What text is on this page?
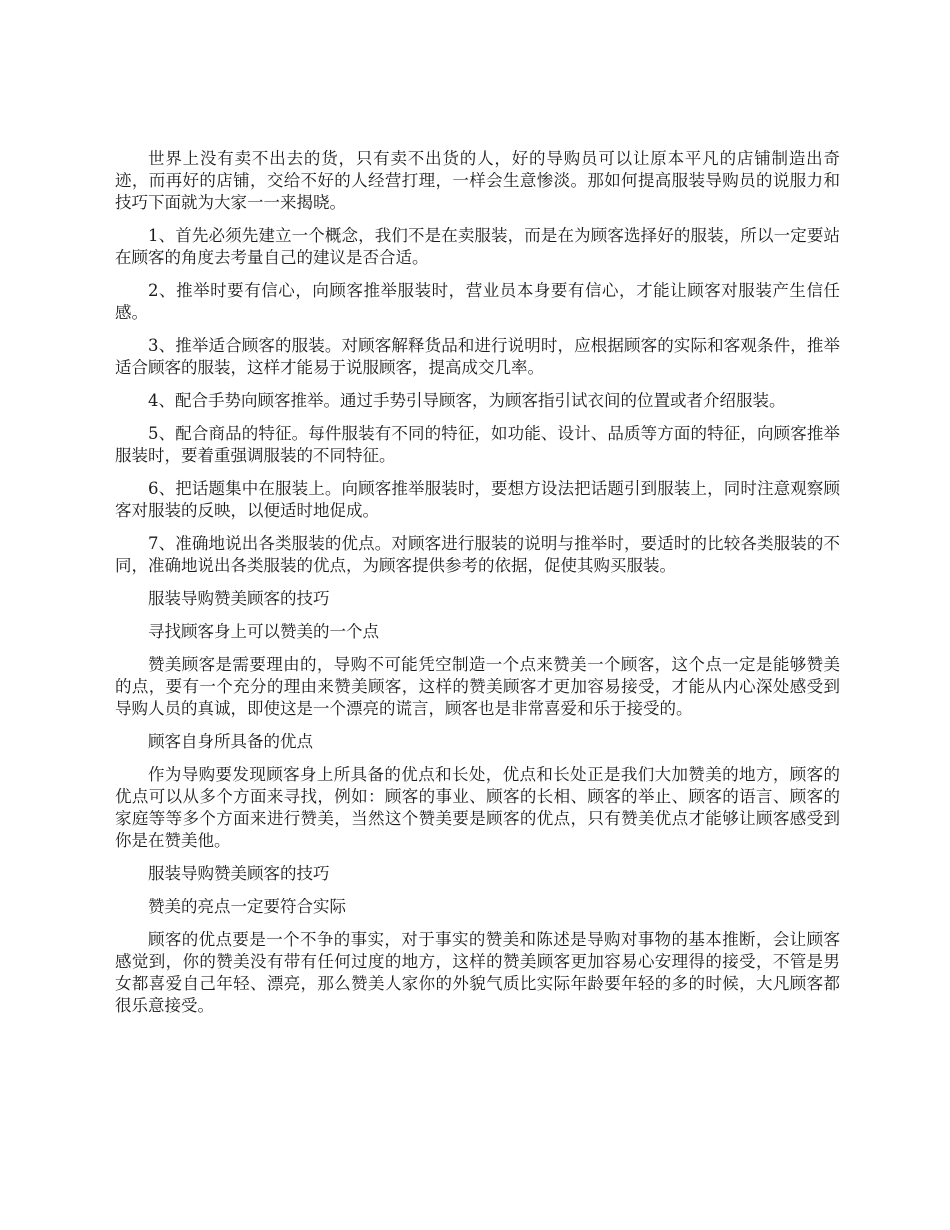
世界上没有卖不出去的货，只有卖不出货的人，好的导购员可以让原本平凡的店铺制造出奇迹，而再好的店铺，交给不好的人经营打理，一样会生意惨淡。那如何提高服装导购员的说服力和技巧下面就为大家一一来揭晓。

1、首先必须先建立一个概念，我们不是在卖服装，而是在为顾客选择好的服装，所以一定要站在顾客的角度去考量自己的建议是否合适。

2、推举时要有信心，向顾客推举服装时，营业员本身要有信心，才能让顾客对服装产生信任感。

3、推举适合顾客的服装。对顾客解释货品和进行说明时，应根据顾客的实际和客观条件，推举适合顾客的服装，这样才能易于说服顾客，提高成交几率。

4、配合手势向顾客推举。通过手势引导顾客，为顾客指引试衣间的位置或者介绍服装。

5、配合商品的特征。每件服装有不同的特征，如功能、设计、品质等方面的特征，向顾客推举服装时，要着重强调服装的不同特征。

6、把话题集中在服装上。向顾客推举服装时，要想方设法把话题引到服装上，同时注意观察顾客对服装的反映，以便适时地促成。

7、准确地说出各类服装的优点。对顾客进行服装的说明与推举时，要适时的比较各类服装的不同，准确地说出各类服装的优点，为顾客提供参考的依据，促使其购买服装。

服装导购赞美顾客的技巧

寻找顾客身上可以赞美的一个点

赞美顾客是需要理由的，导购不可能凭空制造一个点来赞美一个顾客，这个点一定是能够赞美的点，要有一个充分的理由来赞美顾客，这样的赞美顾客才更加容易接受，才能从内心深处感受到导购人员的真诚，即使这是一个漂亮的谎言，顾客也是非常喜爱和乐于接受的。

顾客自身所具备的优点

作为导购要发现顾客身上所具备的优点和长处，优点和长处正是我们大加赞美的地方，顾客的优点可以从多个方面来寻找，例如：顾客的事业、顾客的长相、顾客的举止、顾客的语言、顾客的家庭等等多个方面来进行赞美，当然这个赞美要是顾客的优点，只有赞美优点才能够让顾客感受到你是在赞美他。

服装导购赞美顾客的技巧

赞美的亮点一定要符合实际

顾客的优点要是一个不争的事实，对于事实的赞美和陈述是导购对事物的基本推断，会让顾客感觉到，你的赞美没有带有任何过度的地方，这样的赞美顾客更加容易心安理得的接受，不管是男女都喜爱自己年轻、漂亮，那么赞美人家你的外貌气质比实际年龄要年轻的多的时候，大凡顾客都很乐意接受。
